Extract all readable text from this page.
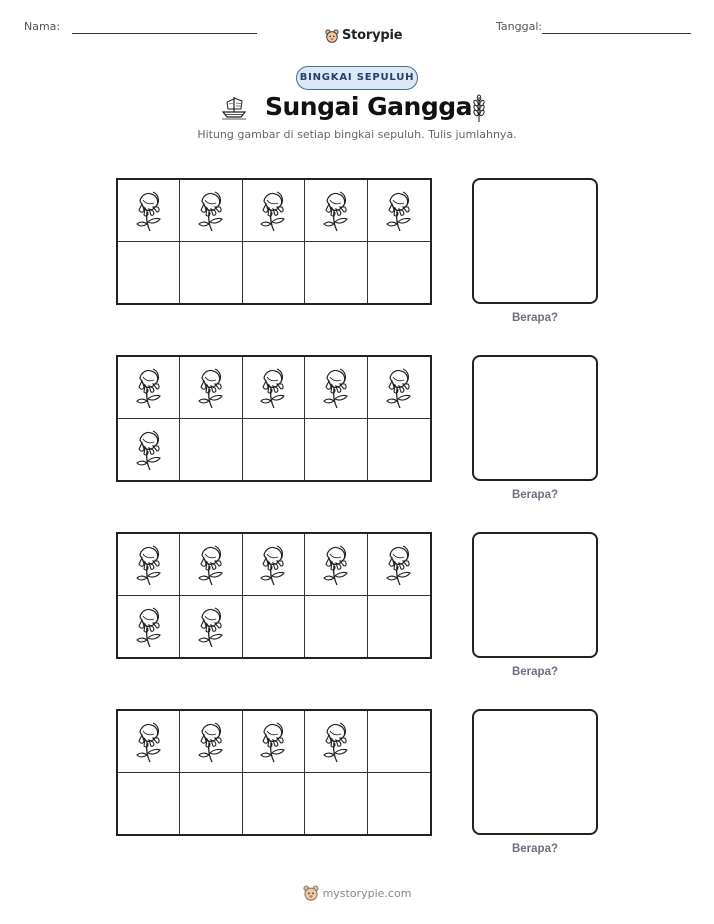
Nama:
Storypie
Tanggal:
BINGKAI SEPULUH
Sungai Gangga
Hitung gambar di setiap bingkai sepuluh. Tulis jumlahnya.
Berapa?
Berapa?
Berapa?
Berapa?
mystorypie.com
